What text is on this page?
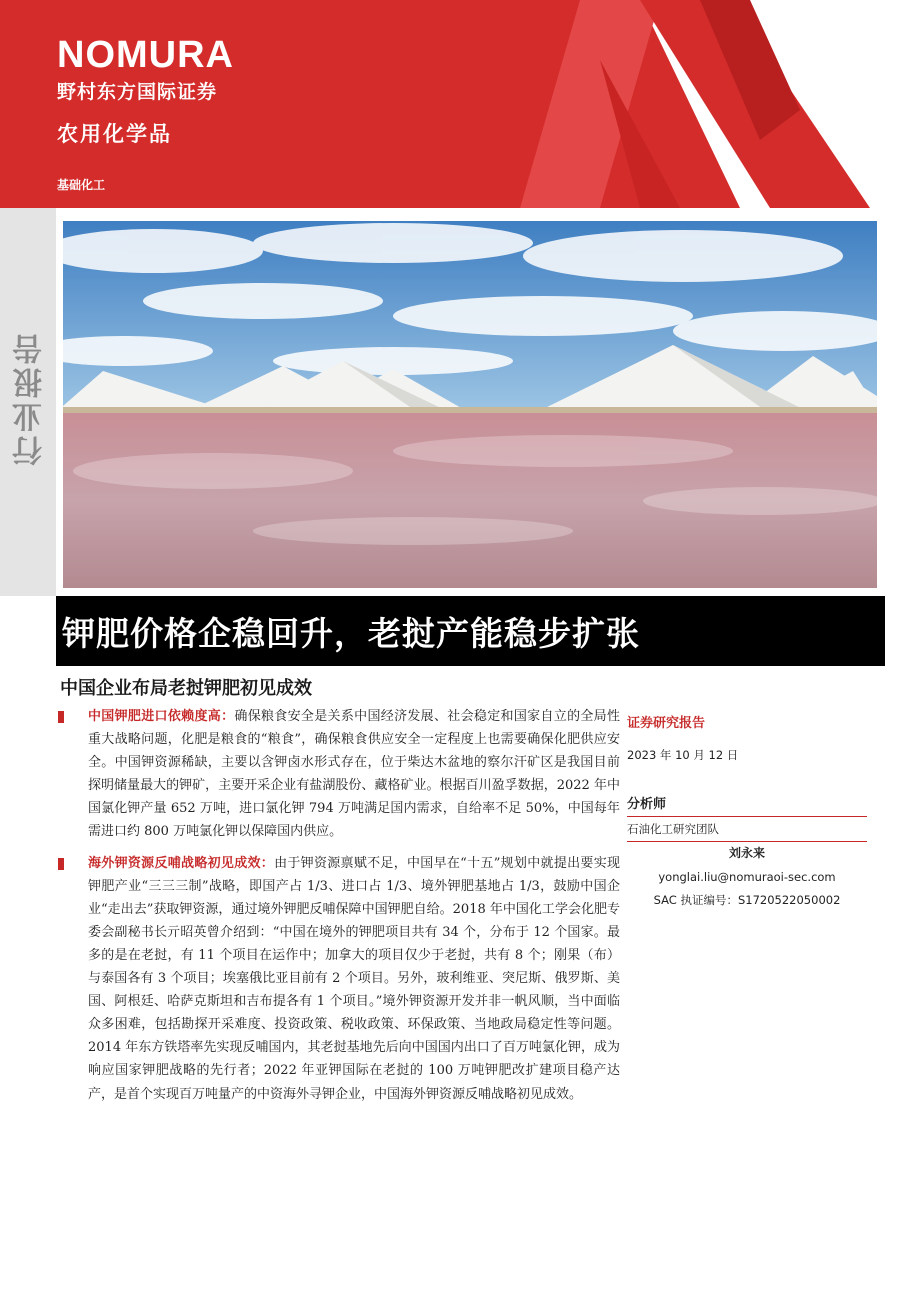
NOMURA
野村东方国际证券
农用化学品
基础化工
行业报告
钾肥价格企稳回升，老挝产能稳步扩张
中国企业布局老挝钾肥初见成效
中国钾肥进口依赖度高：确保粮食安全是关系中国经济发展、社会稳定和国家自立的全局性重大战略问题，化肥是粮食的“粮食”，确保粮食供应安全一定程度上也需要确保化肥供应安全。中国钾资源稀缺，主要以含钾卤水形式存在，位于柴达木盆地的察尔汗矿区是我国目前探明储量最大的钾矿，主要开采企业有盐湖股份、藏格矿业。根据百川盈孚数据，2022 年中国氯化钾产量 652 万吨，进口氯化钾 794 万吨满足国内需求，自给率不足 50%，中国每年需进口约 800 万吨氯化钾以保障国内供应。
海外钾资源反哺战略初见成效：由于钾资源禀赋不足，中国早在“十五”规划中就提出要实现钾肥产业“三三三制”战略，即国产占 1/3、进口占 1/3、境外钾肥基地占 1/3，鼓励中国企业“走出去”获取钾资源，通过境外钾肥反哺保障中国钾肥自给。2018 年中国化工学会化肥专委会副秘书长亓昭英曾介绍到：“中国在境外的钾肥项目共有 34 个，分布于 12 个国家。最多的是在老挝，有 11 个项目在运作中；加拿大的项目仅少于老挝，共有 8 个；刚果（布）与泰国各有 3 个项目；埃塞俄比亚目前有 2 个项目。另外，玻利维亚、突尼斯、俄罗斯、美国、阿根廷、哈萨克斯坦和吉布提各有 1 个项目。”境外钾资源开发并非一帆风顺，当中面临众多困难，包括勘探开采难度、投资政策、税收政策、环保政策、当地政局稳定性等问题。2014 年东方铁塔率先实现反哺国内，其老挝基地先后向中国国内出口了百万吨氯化钾，成为响应国家钾肥战略的先行者；2022 年亚钾国际在老挝的 100 万吨钾肥改扩建项目稳产达产，是首个实现百万吨量产的中资海外寻钾企业，中国海外钾资源反哺战略初见成效。
证券研究报告
2023 年 10 月 12 日
分析师
石油化工研究团队
刘永来
yonglai.liu@nomuraoi-sec.com
SAC 执证编号：S1720522050002
